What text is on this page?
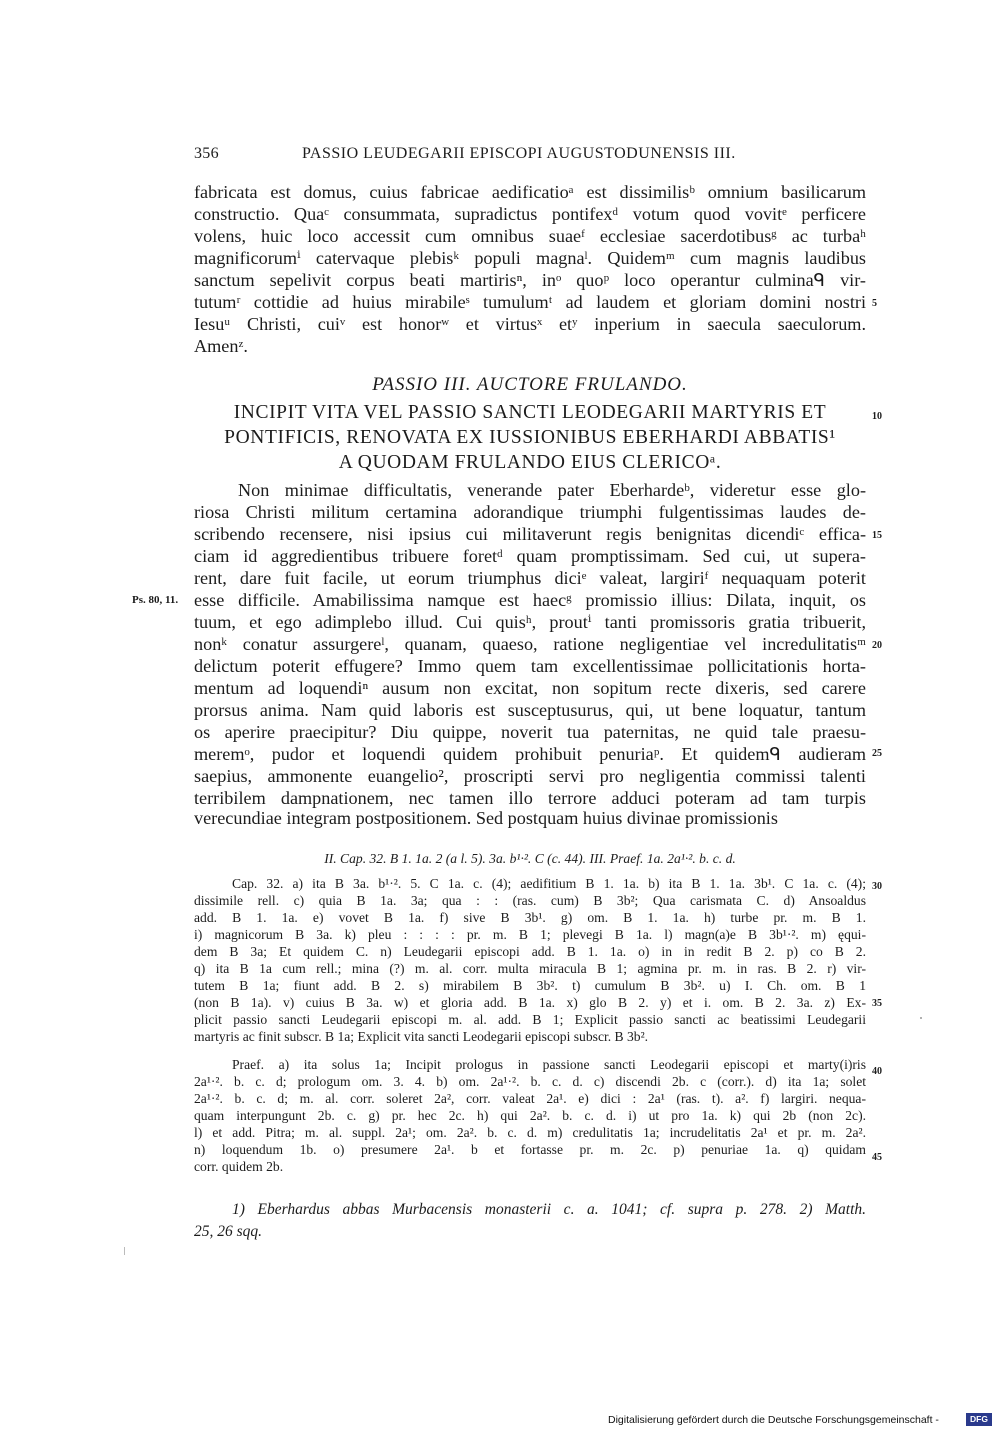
356	PASSIO LEUDEGARII EPISCOPI AUGUSTODUNENSIS III.
fabricata est domus, cuius fabricae aedificatioᵃ est dissimilisᵇ omnium basilicarum
constructio. Quaᶜ consummata, supradictus pontifexᵈ votum quod vovitᵉ perficere
volens, huic loco accessit cum omnibus suaeᶠ ecclesiae sacerdotibusᵍ ac turbaʰ
magnificorumⁱ catervaque plebisᵏ populi magnaˡ. Quidemᵐ cum magnis laudibus
sanctum sepelivit corpus beati martirisⁿ, inᵒ quoᵖ loco operantur culminaᑫ vir-
tutumʳ cottidie ad huius mirabileˢ tumulumᵗ ad laudem et gloriam domini nostri
Iesuᵘ Christi, cuiᵛ est honorʷ et virtusˣ etʸ inperium in saecula saeculorum.
Amenᶻ.
PASSIO III. AUCTORE FRULANDO.
INCIPIT VITA VEL PASSIO SANCTI LEODEGARII MARTYRIS ET
PONTIFICIS, RENOVATA EX IUSSIONIBUS EBERHARDI ABBATIS¹
A QUODAM FRULANDO EIUS CLERICOᵃ.
Non minimae difficultatis, venerande pater Eberhardeᵇ, videretur esse glo-
riosa Christi militum certamina adorandique triumphi fulgentissimas laudes de-
scribendo recensere, nisi ipsius cui militaverunt regis benignitas dicendiᶜ effica-
ciam id aggredientibus tribuere foretᵈ quam promptissimam. Sed cui, ut supera-
rent, dare fuit facile, ut eorum triumphus diciᵉ valeat, largiriᶠ nequaquam poterit
esse difficile. Amabilissima namque est haecᵍ promissio illius: Dilata, inquit, os
tuum, et ego adimplebo illud. Cui quisʰ, proutⁱ tanti promissoris gratia tribuerit,
nonᵏ conatur assurgereˡ, quanam, quaeso, ratione negligentiae vel incredulitatisᵐ
delictum poterit effugere? Immo quem tam excellentissimae pollicitationis horta-
mentum ad loquendiⁿ ausum non excitat, non sopitum recte dixeris, sed carere
prorsus anima. Nam quid laboris est susceptusurus, qui, ut bene loquatur, tantum
os aperire praecipitur? Diu quippe, noverit tua paternitas, ne quid tale praesu-
meremᵒ, pudor et loquendi quidem prohibuit penuriaᵖ. Et quidemᑫ audieram
saepius, ammonente euangelio², proscripti servi pro negligentia commissi talenti
terribilem dampnationem, nec tamen illo terrore adduci poteram ad tam turpis
verecundiae integram postpositionem. Sed postquam huius divinae promissionis
Ps. 80, 11.
5
10
15
20
25
30
35
40
45
II. Cap. 32. B 1. 1a. 2 (a l. 5). 3a. b¹·². C (c. 44). III. Praef. 1a. 2a¹·². b. c. d.
Cap. 32. a) ita B 3a. b¹·². 5. C 1a. c. (4); aedifitium B 1. 1a. b) ita B 1. 1a. 3b¹. C 1a. c. (4);
dissimile rell. c) quia B 1a. 3a; qua : : (ras. cum) B 3b²; Qua carismata C. d) Ansoaldus
add. B 1. 1a. e) vovet B 1a. f) sive B 3b¹. g) om. B 1. 1a. h) turbe pr. m. B 1.
i) magnicorum B 3a. k) pleu : : : : pr. m. B 1; plevegi B 1a. l) magn(a)e B 3b¹·². m) ęqui-
dem B 3a; Et quidem C. n) Leudegarii episcopi add. B 1. 1a. o) in in redit B 2. p) co B 2.
q) ita B 1a cum rell.; mina (?) m. al. corr. multa miracula B 1; agmina pr. m. in ras. B 2. r) vir-
tutem B 1a; fiunt add. B 2. s) mirabilem B 3b². t) cumulum B 3b². u) I. Ch. om. B 1
(non B 1a). v) cuius B 3a. w) et gloria add. B 1a. x) glo B 2. y) et i. om. B 2. 3a. z) Ex-
plicit passio sancti Leudegarii episcopi m. al. add. B 1; Explicit passio sancti ac beatissimi Leudegarii
martyris ac finit subscr. B 1a; Explicit vita sancti Leodegarii episcopi subscr. B 3b².
Praef. a) ita solus 1a; Incipit prologus in passione sancti Leodegarii episcopi et marty(i)ris
2a¹·². b. c. d; prologum om. 3. 4. b) om. 2a¹·². b. c. d. c) discendi 2b. c (corr.). d) ita 1a; solet
2a¹·². b. c. d; m. al. corr. soleret 2a², corr. valeat 2a¹. e) dici : 2a¹ (ras. t). a². f) largiri. nequa-
quam interpungunt 2b. c. g) pr. hec 2c. h) qui 2a². b. c. d. i) ut pro 1a. k) qui 2b (non 2c).
l) et add. Pitra; m. al. suppl. 2a¹; om. 2a². b. c. d. m) credulitatis 1a; incrudelitatis 2a¹ et pr. m. 2a².
n) loquendum 1b. o) presumere 2a¹. b et fortasse pr. m. 2c. p) penuriae 1a. q) quidam
corr. quidem 2b.
1) Eberhardus abbas Murbacensis monasterii c. a. 1041; cf. supra p. 278. 2) Matth.
25, 26 sqq.
Digitalisierung gefördert durch die Deutsche Forschungsgemeinschaft -	DFG
